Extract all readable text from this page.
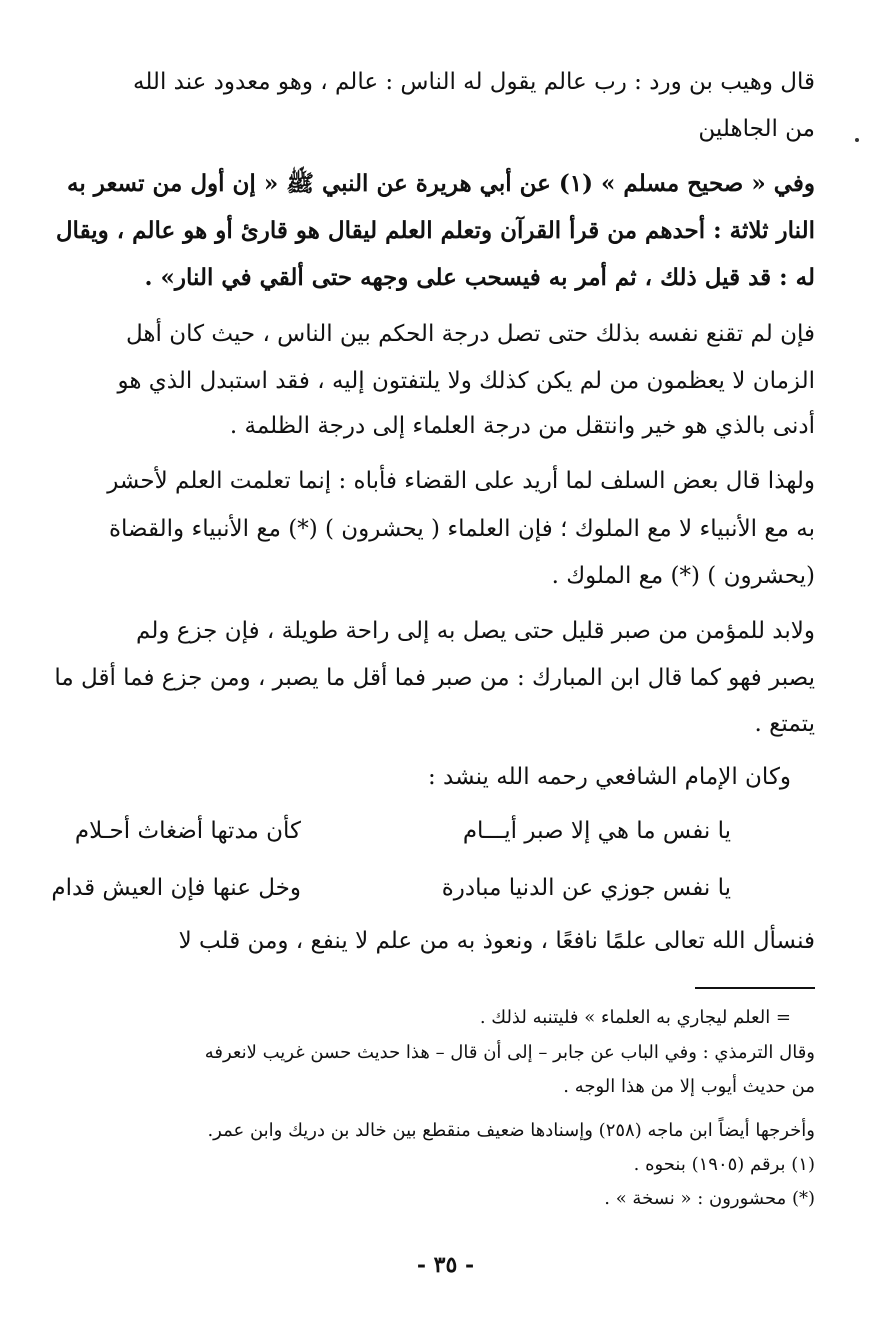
قال وهيب بن ورد : رب عالم يقول له الناس : عالم ، وهو معدود عند الله
من الجاهلين
وفي « صحيح مسلم » (١) عن أبي هريرة عن النبي ﷺ « إن أول من تسعر به
النار ثلاثة : أحدهم من قرأ القرآن وتعلم العلم ليقال هو قارئ أو هو عالم ، ويقال
له : قد قيل ذلك ، ثم أمر به فيسحب على وجهه حتى ألقي في النار» .
فإن لم تقنع نفسه بذلك حتى تصل درجة الحكم بين الناس ، حيث كان أهل
الزمان لا يعظمون من لم يكن كذلك ولا يلتفتون إليه ، فقد استبدل الذي هو
أدنى بالذي هو خير وانتقل من درجة العلماء إلى درجة الظلمة .
ولهذا قال بعض السلف لما أريد على القضاء فأباه : إنما تعلمت العلم لأحشر
به مع الأنبياء لا مع الملوك ؛ فإن العلماء ( يحشرون ) (*) مع الأنبياء والقضاة
(يحشرون ) (*) مع الملوك .
ولابد للمؤمن من صبر قليل حتى يصل به إلى راحة طويلة ، فإن جزع ولم
يصبر فهو كما قال ابن المبارك : من صبر فما أقل ما يصبر ، ومن جزع فما أقل ما
يتمتع .
وكان الإمام الشافعي رحمه الله ينشد :
يا نفس ما هي إلا صبر أيـــام
كأن مدتها أضغاث أحـلام
يا نفس جوزي عن الدنيا مبادرة
وخل عنها فإن العيش قدام
فنسأل الله تعالى علمًا نافعًا ، ونعوذ به من علم لا ينفع ، ومن قلب لا
= العلم ليجاري به العلماء » فليتنبه لذلك .
وقال الترمذي : وفي الباب عن جابر – إلى أن قال – هذا حديث حسن غريب لانعرفه
من حديث أيوب إلا من هذا الوجه .
وأخرجها أيضاً ابن ماجه (٢٥٨) وإسنادها ضعيف منقطع بين خالد بن دريك وابن عمر.
(١) برقم (١٩٠٥) بنحوه .
(*) محشورون : « نسخة » .
- ٣٥ -
